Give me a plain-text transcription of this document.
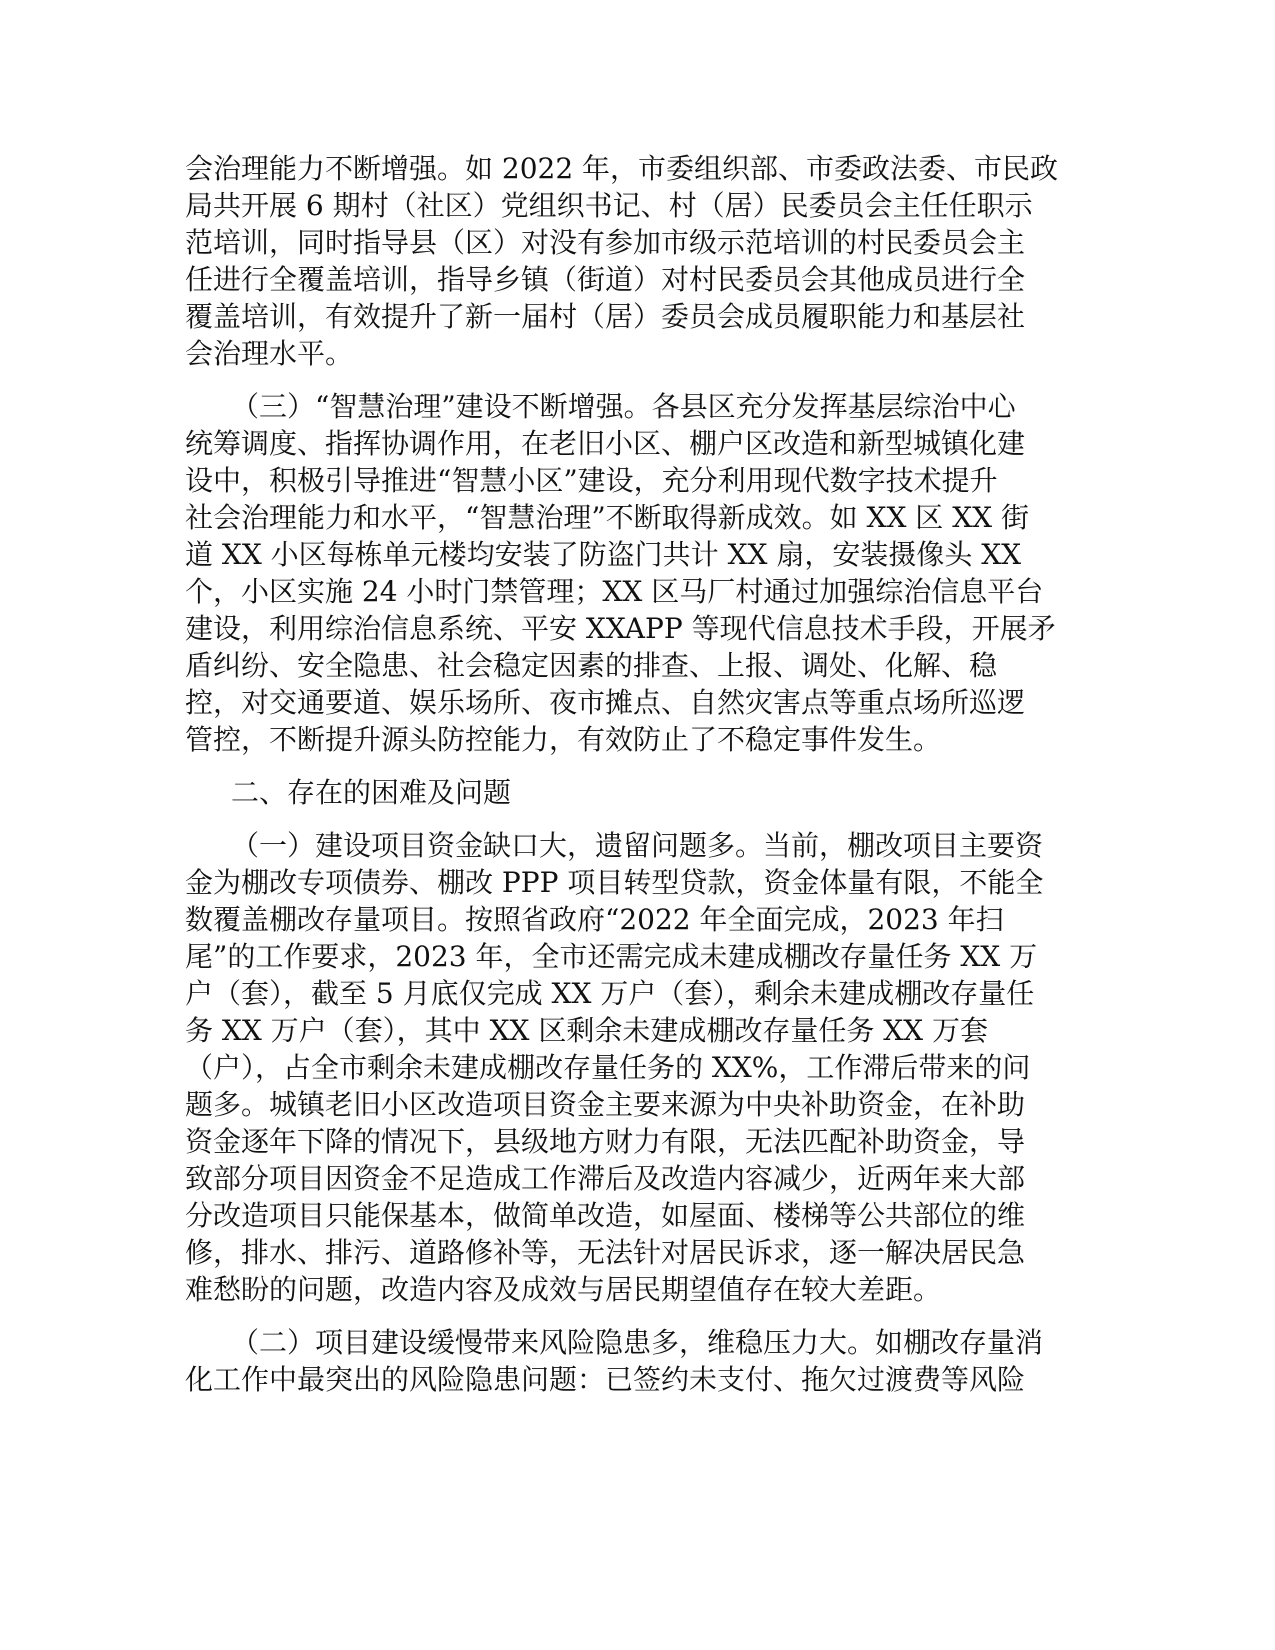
会治理能力不断增强。如 2022 年，市委组织部、市委政法委、市民政
局共开展 6 期村（社区）党组织书记、村（居）民委员会主任任职示
范培训，同时指导县（区）对没有参加市级示范培训的村民委员会主
任进行全覆盖培训，指导乡镇（街道）对村民委员会其他成员进行全
覆盖培训，有效提升了新一届村（居）委员会成员履职能力和基层社
会治理水平。

（三）“智慧治理”建设不断增强。各县区充分发挥基层综治中心
统筹调度、指挥协调作用，在老旧小区、棚户区改造和新型城镇化建
设中，积极引导推进“智慧小区”建设，充分利用现代数字技术提升
社会治理能力和水平，“智慧治理”不断取得新成效。如 XX 区 XX 街
道 XX 小区每栋单元楼均安装了防盗门共计 XX 扇，安装摄像头 XX
个，小区实施 24 小时门禁管理；XX 区马厂村通过加强综治信息平台
建设，利用综治信息系统、平安 XXAPP 等现代信息技术手段，开展矛
盾纠纷、安全隐患、社会稳定因素的排查、上报、调处、化解、稳
控，对交通要道、娱乐场所、夜市摊点、自然灾害点等重点场所巡逻
管控，不断提升源头防控能力，有效防止了不稳定事件发生。

二、存在的困难及问题

（一）建设项目资金缺口大，遗留问题多。当前，棚改项目主要资
金为棚改专项债券、棚改 PPP 项目转型贷款，资金体量有限，不能全
数覆盖棚改存量项目。按照省政府“2022 年全面完成，2023 年扫
尾”的工作要求，2023 年，全市还需完成未建成棚改存量任务 XX 万
户（套），截至 5 月底仅完成 XX 万户（套），剩余未建成棚改存量任
务 XX 万户（套），其中 XX 区剩余未建成棚改存量任务 XX 万套
（户），占全市剩余未建成棚改存量任务的 XX%，工作滞后带来的问
题多。城镇老旧小区改造项目资金主要来源为中央补助资金，在补助
资金逐年下降的情况下，县级地方财力有限，无法匹配补助资金，导
致部分项目因资金不足造成工作滞后及改造内容减少，近两年来大部
分改造项目只能保基本，做简单改造，如屋面、楼梯等公共部位的维
修，排水、排污、道路修补等，无法针对居民诉求，逐一解决居民急
难愁盼的问题，改造内容及成效与居民期望值存在较大差距。

（二）项目建设缓慢带来风险隐患多，维稳压力大。如棚改存量消
化工作中最突出的风险隐患问题：已签约未支付、拖欠过渡费等风险
